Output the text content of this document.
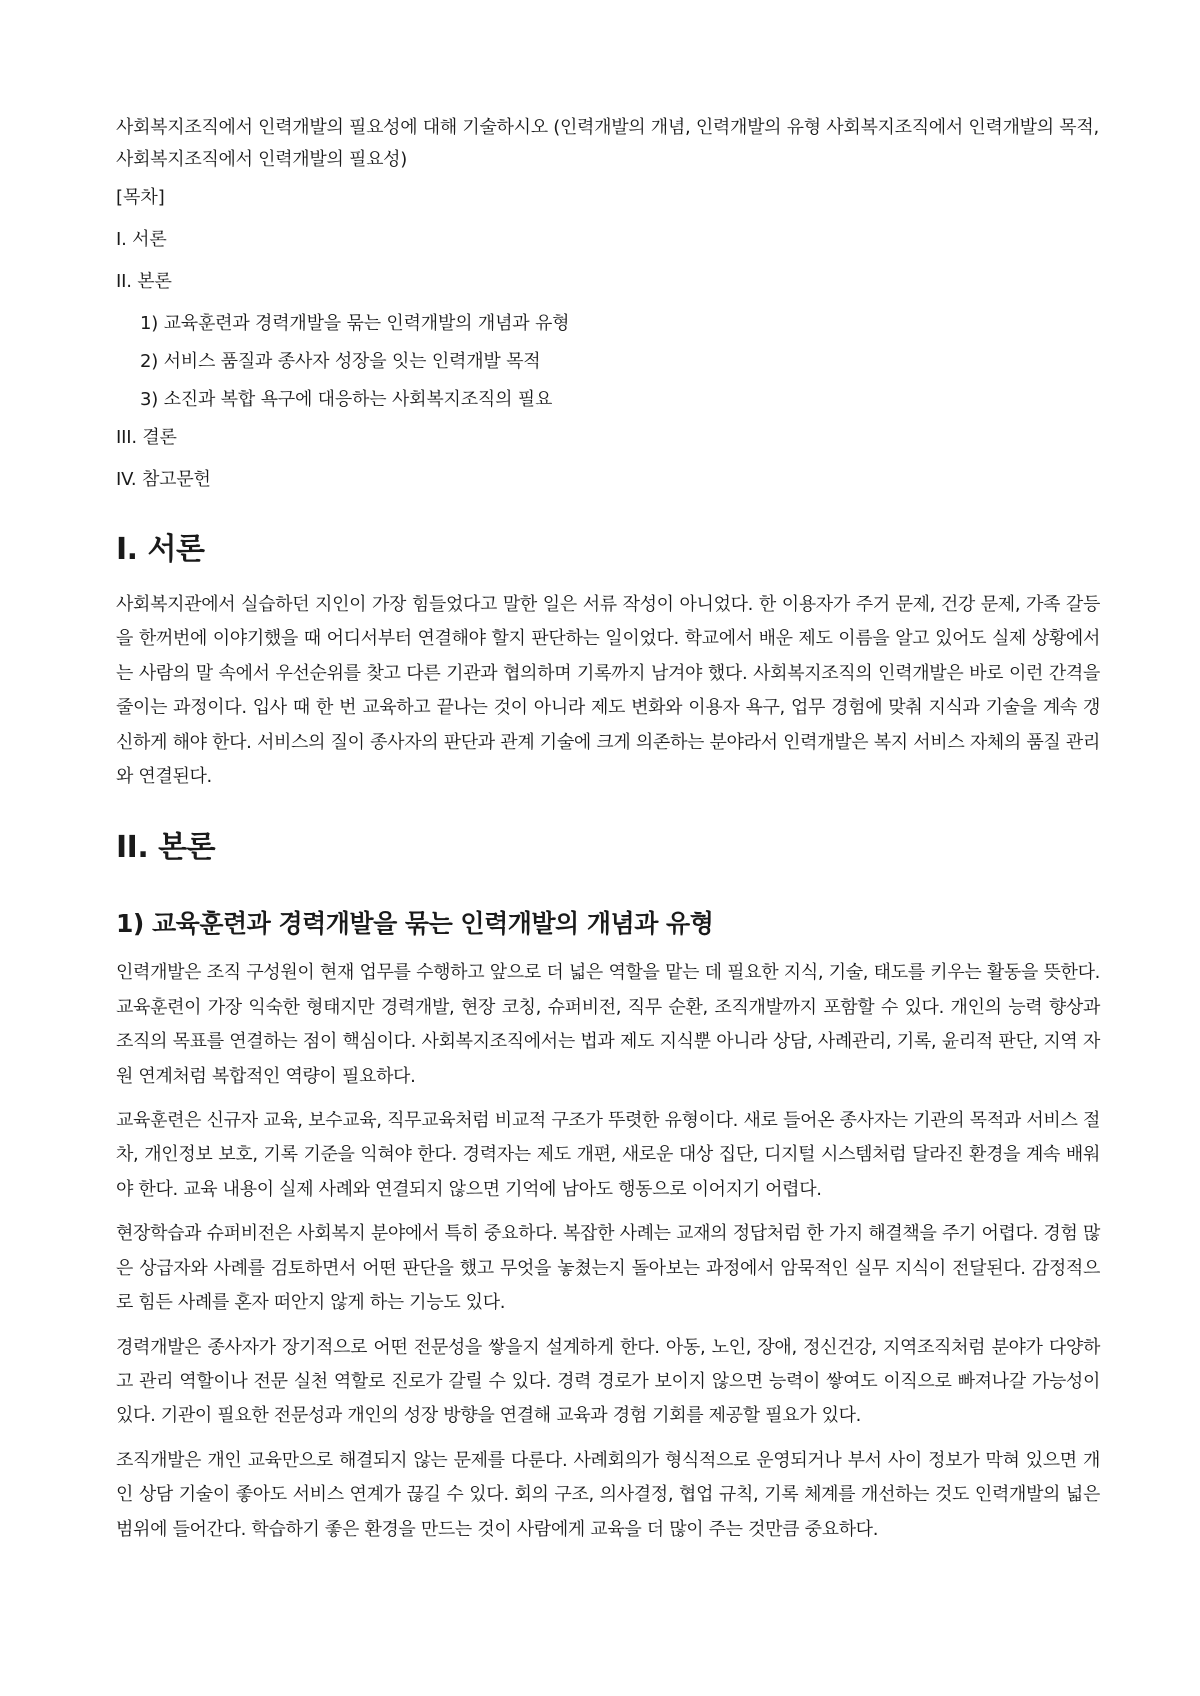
사회복지조직에서 인력개발의 필요성에 대해 기술하시오 (인력개발의 개념, 인력개발의 유형 사회복지조직에서 인력개발의 목적, 사회복지조직에서 인력개발의 필요성)

[목차]
I. 서론
II. 본론
1) 교육훈련과 경력개발을 묶는 인력개발의 개념과 유형
2) 서비스 품질과 종사자 성장을 잇는 인력개발 목적
3) 소진과 복합 욕구에 대응하는 사회복지조직의 필요
III. 결론
IV. 참고문헌
I. 서론

사회복지관에서 실습하던 지인이 가장 힘들었다고 말한 일은 서류 작성이 아니었다. 한 이용자가 주거 문제, 건강 문제, 가족 갈등을 한꺼번에 이야기했을 때 어디서부터 연결해야 할지 판단하는 일이었다. 학교에서 배운 제도 이름을 알고 있어도 실제 상황에서는 사람의 말 속에서 우선순위를 찾고 다른 기관과 협의하며 기록까지 남겨야 했다. 사회복지조직의 인력개발은 바로 이런 간격을 줄이는 과정이다. 입사 때 한 번 교육하고 끝나는 것이 아니라 제도 변화와 이용자 욕구, 업무 경험에 맞춰 지식과 기술을 계속 갱신하게 해야 한다. 서비스의 질이 종사자의 판단과 관계 기술에 크게 의존하는 분야라서 인력개발은 복지 서비스 자체의 품질 관리와 연결된다.

II. 본론
1) 교육훈련과 경력개발을 묶는 인력개발의 개념과 유형

인력개발은 조직 구성원이 현재 업무를 수행하고 앞으로 더 넓은 역할을 맡는 데 필요한 지식, 기술, 태도를 키우는 활동을 뜻한다. 교육훈련이 가장 익숙한 형태지만 경력개발, 현장 코칭, 슈퍼비전, 직무 순환, 조직개발까지 포함할 수 있다. 개인의 능력 향상과 조직의 목표를 연결하는 점이 핵심이다. 사회복지조직에서는 법과 제도 지식뿐 아니라 상담, 사례관리, 기록, 윤리적 판단, 지역 자원 연계처럼 복합적인 역량이 필요하다.

교육훈련은 신규자 교육, 보수교육, 직무교육처럼 비교적 구조가 뚜렷한 유형이다. 새로 들어온 종사자는 기관의 목적과 서비스 절차, 개인정보 보호, 기록 기준을 익혀야 한다. 경력자는 제도 개편, 새로운 대상 집단, 디지털 시스템처럼 달라진 환경을 계속 배워야 한다. 교육 내용이 실제 사례와 연결되지 않으면 기억에 남아도 행동으로 이어지기 어렵다.

현장학습과 슈퍼비전은 사회복지 분야에서 특히 중요하다. 복잡한 사례는 교재의 정답처럼 한 가지 해결책을 주기 어렵다. 경험 많은 상급자와 사례를 검토하면서 어떤 판단을 했고 무엇을 놓쳤는지 돌아보는 과정에서 암묵적인 실무 지식이 전달된다. 감정적으로 힘든 사례를 혼자 떠안지 않게 하는 기능도 있다.

경력개발은 종사자가 장기적으로 어떤 전문성을 쌓을지 설계하게 한다. 아동, 노인, 장애, 정신건강, 지역조직처럼 분야가 다양하고 관리 역할이나 전문 실천 역할로 진로가 갈릴 수 있다. 경력 경로가 보이지 않으면 능력이 쌓여도 이직으로 빠져나갈 가능성이 있다. 기관이 필요한 전문성과 개인의 성장 방향을 연결해 교육과 경험 기회를 제공할 필요가 있다.

조직개발은 개인 교육만으로 해결되지 않는 문제를 다룬다. 사례회의가 형식적으로 운영되거나 부서 사이 정보가 막혀 있으면 개인 상담 기술이 좋아도 서비스 연계가 끊길 수 있다. 회의 구조, 의사결정, 협업 규칙, 기록 체계를 개선하는 것도 인력개발의 넓은 범위에 들어간다. 학습하기 좋은 환경을 만드는 것이 사람에게 교육을 더 많이 주는 것만큼 중요하다.
